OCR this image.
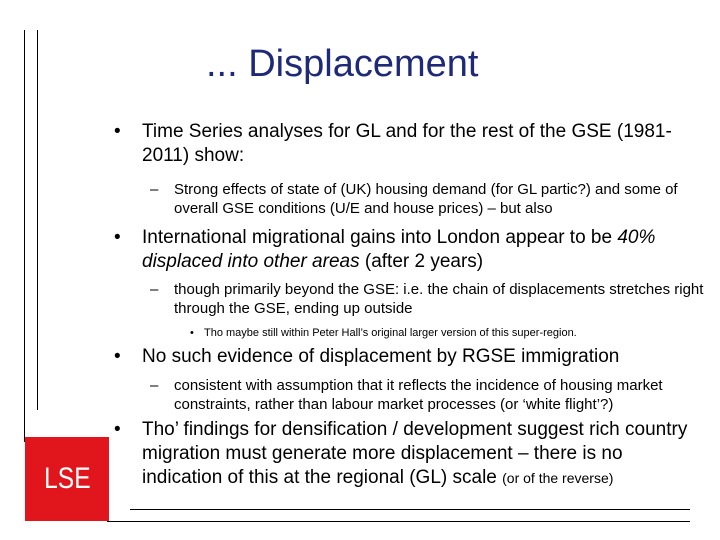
LSE
... Displacement
• Time Series analyses for GL and for the rest of the GSE (1981-2011) show:

– Strong effects of state of (UK) housing demand (for GL partic?) and some of overall GSE conditions (U/E and house prices) – but also

• International migrational gains into London appear to be 40% displaced into other areas (after 2 years)

– though primarily beyond the GSE: i.e. the chain of displacements stretches right through the GSE, ending up outside

• Tho maybe still within Peter Hall’s original larger version of this super-region.

• No such evidence of displacement by RGSE immigration

– consistent with assumption that it reflects the incidence of housing market constraints, rather than labour market processes (or ‘white flight’?)

• Tho’ findings for densification / development suggest rich country migration must generate more displacement – there is no indication of this at the regional (GL) scale (or of the reverse)
